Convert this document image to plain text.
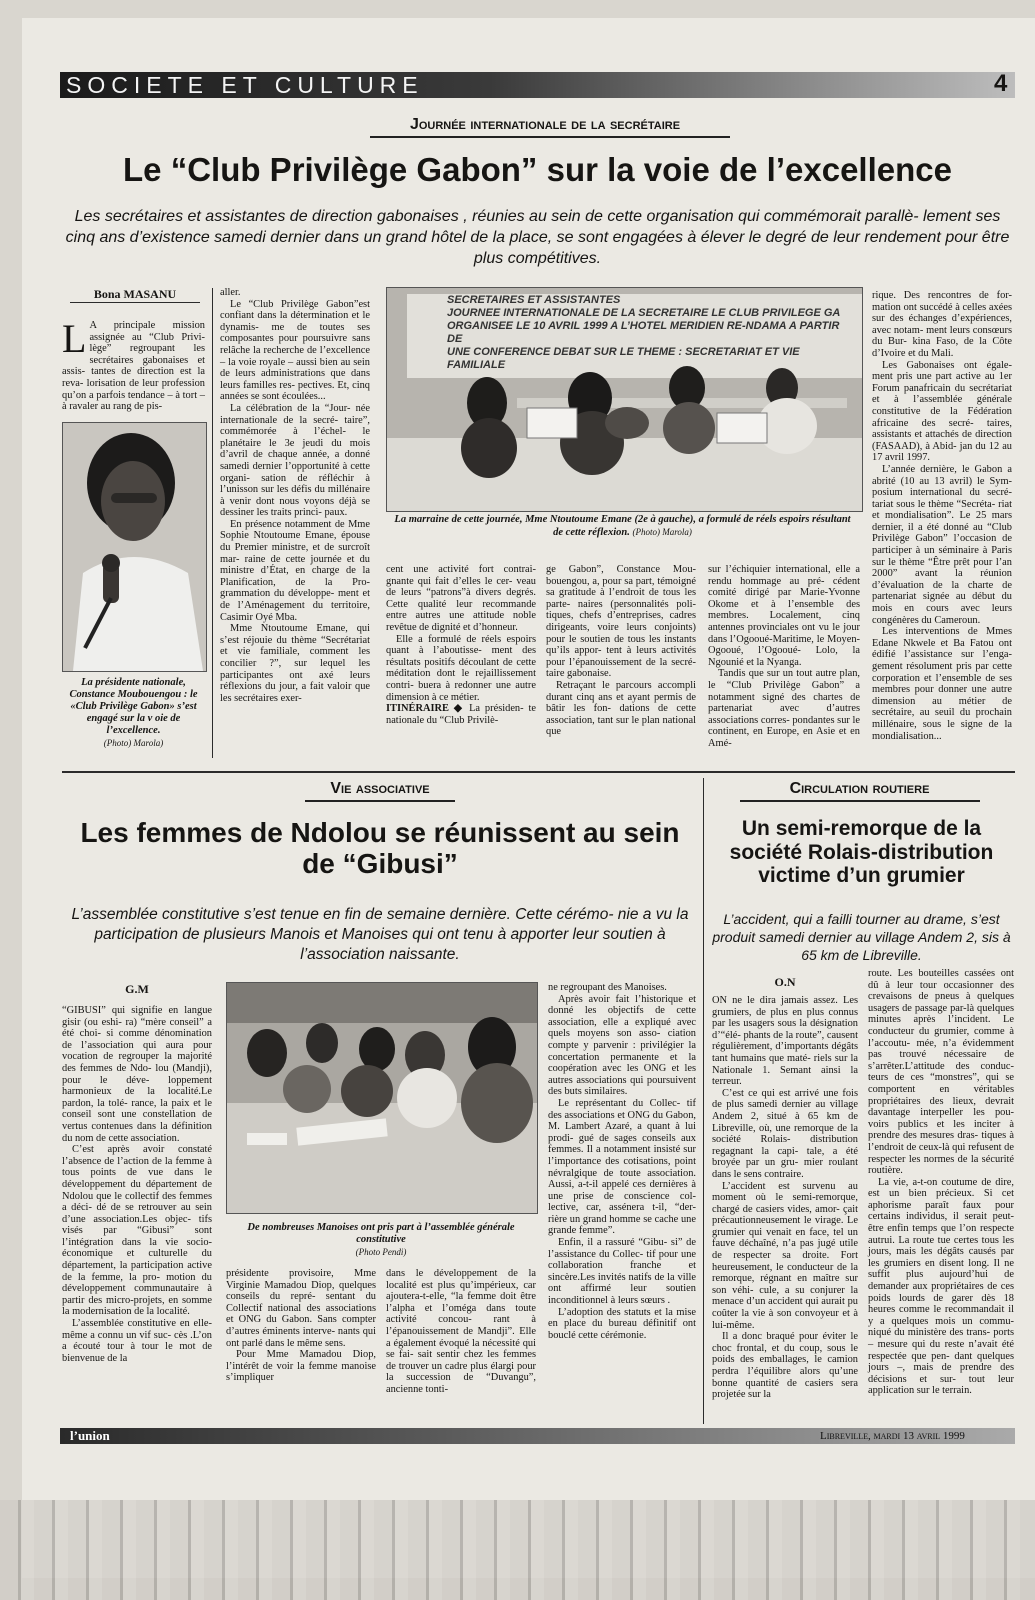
SOCIETE ET CULTURE	4
Journée internationale de la secrétaire
Le “Club Privilège Gabon” sur la voie de l’excellence
Les secrétaires et assistantes de direction gabonaises , réunies au sein de cette organisation qui commémorait parallè- lement ses cinq ans d’existence samedi dernier dans un grand hôtel de la place, se sont engagées à élever le degré de leur rendement pour être plus compétitives.
Bona MASANU
L A principale mission assignée au “Club Privi- lège” regroupant les secrétaires gabonaises et assis- tantes de direction est la reva- lorisation de leur profession qu’on a parfois tendance – à tort – à ravaler au rang de pis-
La présidente nationale, Constance Moubouengou : le «Club Privilège Gabon» s’est engagé sur la v oie de l’excellence.
(Photo) Marola)

aller.

Le “Club Privilège Gabon”est confiant dans la détermination et le dynamis- me de toutes ses composantes pour poursuivre sans relâche la recherche de l’excellence – la voie royale – aussi bien au sein de leurs administrations que dans leurs familles res- pectives. Et, cinq années se sont écoulées...

La célébration de la “Jour- née internationale de la secré- taire”, commémorée à l’échel- le planétaire le 3e jeudi du mois d’avril de chaque année, a donné samedi dernier l’opportunité à cette organi- sation de réfléchir à l’unisson sur les défis du millénaire à venir dont nous voyons déjà se dessiner les traits princi- paux.

En présence notamment de Mme Sophie Ntoutoume Emane, épouse du Premier ministre, et de surcroît mar- raine de cette journée et du ministre d’État, en charge de la Planification, de la Pro- grammation du développe- ment et de l’Aménagement du territoire, Casimir Oyé Mba.

Mme Ntoutoume Emane, qui s’est réjouie du thème “Secrétariat et vie familiale, comment les concilier ?”, sur lequel les participantes ont axé leurs réflexions du jour, a fait valoir que les secrétaires exer-

SECRETAIRES ET ASSISTANTES
JOURNEE INTERNATIONALE DE LA SECRETAIRE LE CLUB PRIVILEGE GA
ORGANISEE LE 10 AVRIL 1999 A L’HOTEL MERIDIEN RE-NDAMA A PARTIR DE
UNE CONFERENCE DEBAT SUR LE THEME : SECRETARIAT ET VIE FAMILIALE
La marraine de cette journée, Mme Ntoutoume Emane (2e à gauche), a formulé de réels espoirs résultant de cette réflexion. (Photo) Marola)

cent une activité fort contrai- gnante qui fait d’elles le cer- veau de leurs “patrons”à divers degrés. Cette qualité leur recommande entre autres une attitude noble revêtue de dignité et d’honneur.

Elle a formulé de réels espoirs quant à l’aboutisse- ment des résultats positifs découlant de cette méditation dont le rejaillissement contri- buera à redonner une autre dimension à ce métier.

ITINÉRAIRE ◆ La présiden- te nationale du “Club Privilè-

ge Gabon”, Constance Mou- bouengou, a, pour sa part, témoigné sa gratitude à l’endroit de tous les parte- naires (personnalités poli- tiques, chefs d’entreprises, cadres dirigeants, voire leurs conjoints) pour le soutien de tous les instants qu’ils appor- tent à leurs activités pour l’épanouissement de la secré- taire gabonaise.

Retraçant le parcours accompli durant cinq ans et ayant permis de bâtir les fon- dations de cette association, tant sur le plan national que

sur l’échiquier international, elle a rendu hommage au pré- cédent comité dirigé par Marie-Yvonne Okome et à l’ensemble des membres. Localement, cinq antennes provinciales ont vu le jour dans l’Ogooué-Maritime, le Moyen-Ogooué, l’Ogooué- Lolo, la Ngounié et la Nyanga.

Tandis que sur un tout autre plan, le “Club Privilège Gabon” a notamment signé des chartes de partenariat avec d’autres associations corres- pondantes sur le continent, en Europe, en Asie et en Amé-

rique. Des rencontres de for- mation ont succédé à celles axées sur des échanges d’expériences, avec notam- ment leurs consœurs du Bur- kina Faso, de la Côte d’Ivoire et du Mali.

Les Gabonaises ont égale- ment pris une part active au 1er Forum panafricain du secrétariat et à l’assemblée générale constitutive de la Fédération africaine des secré- taires, assistants et attachés de direction (FASAAD), à Abid- jan du 12 au 17 avril 1997.

L’année dernière, le Gabon a abrité (10 au 13 avril) le Sym- posium international du secré- tariat sous le thème “Secréta- riat et mondialisation”. Le 25 mars dernier, il a été donné au “Club Privilège Gabon” l’occasion de participer à un séminaire à Paris sur le thème “Être prêt pour l’an 2000” avant la réunion d’évaluation de la charte de partenariat signée au début du mois en cours avec leurs congénères du Cameroun.

Les interventions de Mmes Edane Nkwele et Ba Fatou ont édifié l’assistance sur l’enga- gement résolument pris par cette corporation et l’ensemble de ses membres pour donner une autre dimension au métier de secrétaire, au seuil du prochain millénaire, sous le signe de la mondialisation...

Vie associative
Les femmes de Ndolou se réunissent au sein de “Gibusi”
L’assemblée constitutive s’est tenue en fin de semaine dernière. Cette cérémo- nie a vu la participation de plusieurs Manois et Manoises qui ont tenu à apporter leur soutien à l’association naissante.
G.M

“GIBUSI” qui signifie en langue gisir (ou eshi- ra) “mère conseil” a été choi- si comme dénomination de l’association qui aura pour vocation de regrouper la majorité des femmes de Ndo- lou (Mandji), pour le déve- loppement harmonieux de la localité.Le pardon, la tolé- rance, la paix et le conseil sont une constellation de vertus contenues dans la définition du nom de cette association.

C’est après avoir constaté l’absence de l’action de la femme à tous points de vue dans le développement du département de Ndolou que le collectif des femmes a déci- dé de se retrouver au sein d’une association.Les objec- tifs visés par “Gibusi” sont l’intégration dans la vie socio- économique et culturelle du département, la participation active de la femme, la pro- motion du développement communautaire à partir des micro-projets, en somme la modernisation de la localité.

L’assemblée constitutive en elle-même a connu un vif suc- cès .L’on a écouté tour à tour le mot de bienvenue de la

De nombreuses Manoises ont pris part à l’assemblée générale constitutive
(Photo Pendi)

présidente provisoire, Mme Virginie Mamadou Diop, quelques conseils du repré- sentant du Collectif national des associations et ONG du Gabon. Sans compter d’autres éminents interve- nants qui ont parlé dans le même sens.

Pour Mme Mamadou Diop, l’intérêt de voir la femme manoise s’impliquer

dans le développement de la localité est plus qu’impérieux, car ajoutera-t-elle, “la femme doit être l’alpha et l’oméga dans toute activité concou- rant à l’épanouissement de Mandji”. Elle a également évoqué la nécessité qui se fai- sait sentir chez les femmes de trouver un cadre plus élargi pour la succession de “Duvangu”, ancienne tonti-

ne regroupant des Manoises.

Après avoir fait l’historique et donné les objectifs de cette association, elle a expliqué avec quels moyens son asso- ciation compte y parvenir : privilégier la concertation permanente et la coopération avec les ONG et les autres associations qui poursuivent des buts similaires.

Le représentant du Collec- tif des associations et ONG du Gabon, M. Lambert Azaré, a quant à lui prodi- gué de sages conseils aux femmes. Il a notamment insisté sur l’importance des cotisations, point névralgique de toute association. Aussi, a-t-il appelé ces dernières à une prise de conscience col- lective, car, assénera t-il, “der- rière un grand homme se cache une grande femme”.

Enfin, il a rassuré “Gibu- si” de l’assistance du Collec- tif pour une collaboration franche et sincère.Les invités natifs de la ville ont affirmé leur soutien inconditionnel à leurs sœurs .

L’adoption des statuts et la mise en place du bureau définitif ont bouclé cette cérémonie.

Circulation routiere
Un semi-remorque de la société Rolais-distribution victime d’un grumier
L’accident, qui a failli tourner au drame, s’est produit samedi dernier au village Andem 2, sis à 65 km de Libreville.
O.N

ON ne le dira jamais assez. Les grumiers, de plus en plus connus par les usagers sous la désignation d’“élé- phants de la route”, causent régulièrement, d’importants dégâts tant humains que maté- riels sur la Nationale 1. Semant ainsi la terreur.

C’est ce qui est arrivé une fois de plus samedi dernier au village Andem 2, situé à 65 km de Libreville, où, une remorque de la société Rolais- distribution regagnant la capi- tale, a été broyée par un gru- mier roulant dans le sens contraire.

L’accident est survenu au moment où le semi-remorque, chargé de casiers vides, amor- çait précautionneusement le virage. Le grumier qui venait en face, tel un fauve déchaîné, n’a pas jugé utile de respecter sa droite. Fort heureusement, le conducteur de la remorque, régnant en maître sur son véhi- cule, a su conjurer la menace d’un accident qui aurait pu coûter la vie à son convoyeur et à lui-même.

Il a donc braqué pour éviter le choc frontal, et du coup, sous le poids des emballages, le camion perdra l’équilibre alors qu’une bonne quantité de casiers sera projetée sur la

route. Les bouteilles cassées ont dû à leur tour occasionner des crevaisons de pneus à quelques usagers de passage par-là quelques minutes après l’incident. Le conducteur du grumier, comme à l’accoutu- mée, n’a évidemment pas trouvé nécessaire de s’arrêter.L’attitude des conduc- teurs de ces “monstres”, qui se comportent en véritables propriétaires des lieux, devrait davantage interpeller les pou- voirs publics et les inciter à prendre des mesures dras- tiques à l’endroit de ceux-là qui refusent de respecter les normes de la sécurité routière.

La vie, a-t-on coutume de dire, est un bien précieux. Si cet aphorisme paraît faux pour certains individus, il serait peut-être enfin temps que l’on respecte autrui. La route tue certes tous les jours, mais les dégâts causés par les grumiers en disent long. Il ne suffit plus aujourd’hui de demander aux propriétaires de ces poids lourds de garer dès 18 heures comme le recommandait il y a quelques mois un commu- niqué du ministère des trans- ports – mesure qui du reste n’avait été respectée que pen- dant quelques jours –, mais de prendre des décisions et sur- tout leur application sur le terrain.

l’union	Libreville, mardi 13 avril 1999
